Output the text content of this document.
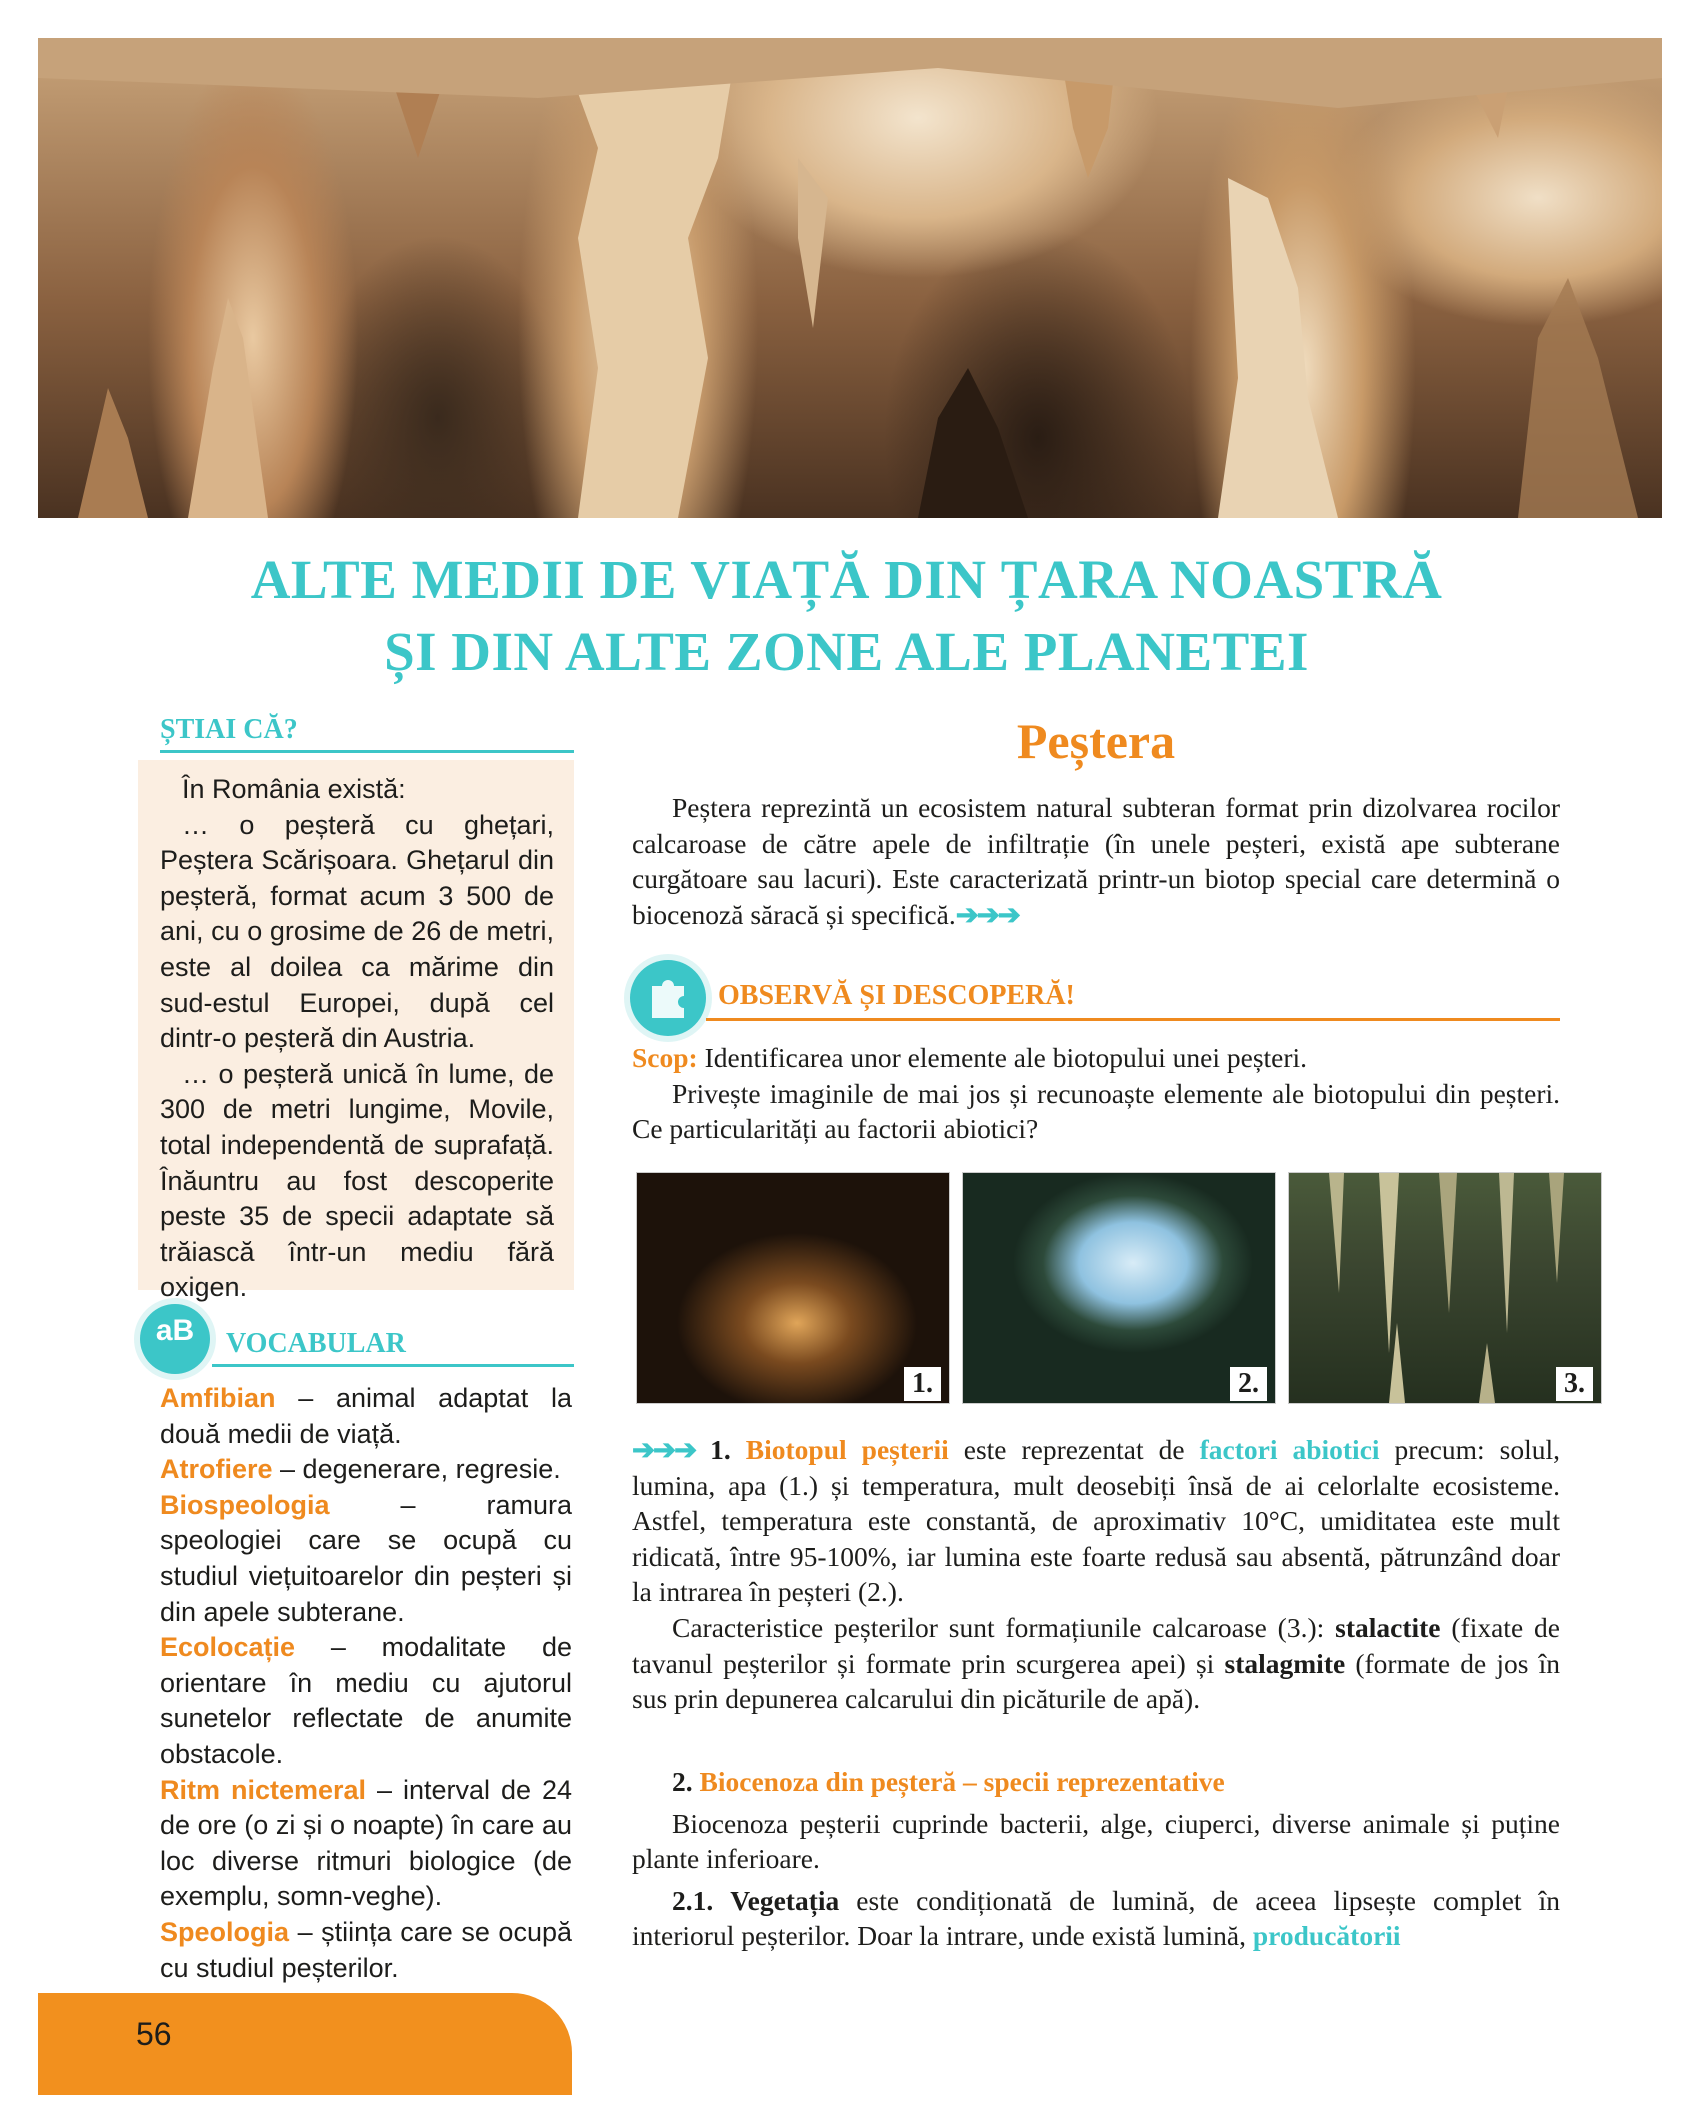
ALTE MEDII DE VIAȚĂ DIN ȚARA NOASTRĂ
ȘI DIN ALTE ZONE ALE PLANETEI
ȘTIAI CĂ?

În România există:

… o peșteră cu ghețari, Peștera Scărișoara. Ghețarul din peșteră, format acum 3 500 de ani, cu o grosime de 26 de metri, este al doilea ca mărime din sud-estul Europei, după cel dintr-o peșteră din Austria.

… o peșteră unică în lume, de 300 de metri lungime, Movile, total independentă de suprafață. Înăuntru au fost descoperite peste 35 de specii adaptate să trăiască într-un mediu fără oxigen.

aB	VOCABULAR

Amfibian – animal adaptat la două medii de viață.

Atrofiere – degenerare, regresie.

Biospeologia – ramura speologiei care se ocupă cu studiul viețuitoarelor din peșteri și din apele subterane.

Ecolocație – modalitate de orientare în mediu cu ajutorul sunetelor reflectate de anumite obstacole.

Ritm nictemeral – interval de 24 de ore (o zi și o noapte) în care au loc diverse ritmuri biologice (de exemplu, somn-veghe).

Speologia – știința care se ocupă cu studiul peșterilor.

Peștera

Peștera reprezintă un ecosistem natural subteran format prin dizolvarea rocilor calcaroase de către apele de infiltrație (în unele peșteri, există ape subterane curgătoare sau lacuri). Este caracterizată printr-un biotop special care determină o biocenoză săracă și specifică.➔➔➔

OBSERVĂ ȘI DESCOPERĂ!

Scop: Identificarea unor elemente ale biotopului unei peșteri.

Privește imaginile de mai jos și recunoaște elemente ale biotopului din peșteri. Ce particularități au factorii abiotici?

1.	2.	3.

➔➔➔ 1. Biotopul peșterii este reprezentat de factori abiotici precum: solul, lumina, apa (1.) și temperatura, mult deosebiți însă de ai celorlalte ecosisteme. Astfel, temperatura este constantă, de aproximativ 10°C, umiditatea este mult ridicată, între 95-100%, iar lumina este foarte redusă sau absentă, pătrunzând doar la intrarea în peșteri (2.).

Caracteristice peșterilor sunt formațiunile calcaroase (3.): stalactite (fixate de tavanul peșterilor și formate prin scurgerea apei) și stalagmite (formate de jos în sus prin depunerea calcarului din picăturile de apă).

2. Biocenoza din peșteră – specii reprezentative

Biocenoza peșterii cuprinde bacterii, alge, ciuperci, diverse animale și puține plante inferioare.

2.1. Vegetația este condiționată de lumină, de aceea lipsește complet în interiorul peșterilor. Doar la intrare, unde există lumină, producătorii

56
